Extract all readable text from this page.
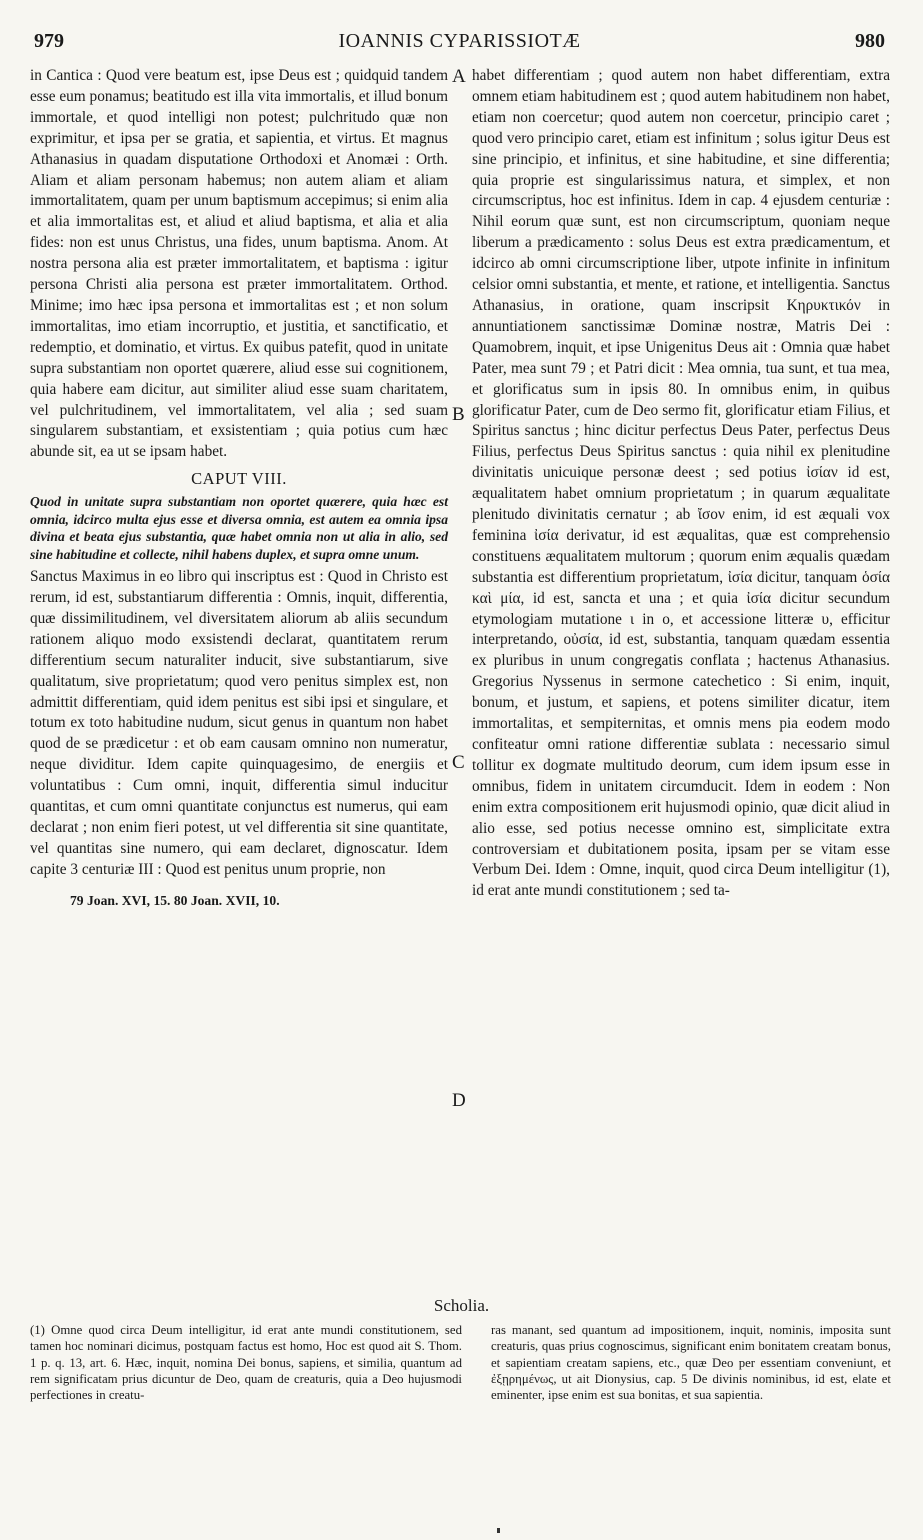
979	IOANNIS CYPARISSIOTÆ	980

in Cantica : Quod vere beatum est, ipse Deus est ; quidquid tandem esse eum ponamus; beatitudo est illa vita immortalis, et illud bonum immortale, et quod intelligi non potest; pulchritudo quæ non exprimitur, et ipsa per se gratia, et sapientia, et virtus. Et magnus Athanasius in quadam disputatione Orthodoxi et Anomæi : Orth. Aliam et aliam personam habemus; non autem aliam et aliam immortalitatem, quam per unum baptismum accepimus; si enim alia et alia immortalitas est, et aliud et aliud baptisma, et alia et alia fides: non est unus Christus, una fides, unum baptisma. Anom. At nostra persona alia est præter immortalitatem, et baptisma : igitur persona Christi alia persona est præter immortalitatem. Orthod. Minime; imo hæc ipsa persona et immortalitas est ; et non solum immortalitas, imo etiam incorruptio, et justitia, et sanctificatio, et redemptio, et dominatio, et virtus. Ex quibus patefit, quod in unitate supra substantiam non oportet quærere, aliud esse sui cognitionem, quia habere eam dicitur, aut similiter aliud esse suam charitatem, vel pulchritudinem, vel immortalitatem, vel alia ; sed suam singularem substantiam, et exsistentiam ; quia potius cum hæc abunde sit, ea ut se ipsam habet.

CAPUT VIII.
Quod in unitate supra substantiam non oportet quærere, quia hæc est omnia, idcirco multa ejus esse et diversa omnia, est autem ea omnia ipsa divina et beata ejus substantia, quæ habet omnia non ut alia in alio, sed sine habitudine et collecte, nihil habens duplex, et supra omne unum.

Sanctus Maximus in eo libro qui inscriptus est : Quod in Christo est rerum, id est, substantiarum differentia : Omnis, inquit, differentia, quæ dissimilitudinem, vel diversitatem aliorum ab aliis secundum rationem aliquo modo exsistendi declarat, quantitatem rerum differentium secum naturaliter inducit, sive substantiarum, sive qualitatum, sive proprietatum; quod vero penitus simplex est, non admittit differentiam, quid idem penitus est sibi ipsi et singulare, et totum ex toto habitudine nudum, sicut genus in quantum non habet quod de se prædicetur : et ob eam causam omnino non numeratur, neque dividitur. Idem capite quinquagesimo, de energiis et voluntatibus : Cum omni, inquit, differentia simul inducitur quantitas, et cum omni quantitate conjunctus est numerus, qui eam declarat ; non enim fieri potest, ut vel differentia sit sine quantitate, vel quantitas sine numero, qui eam declaret, dignoscatur. Idem capite 3 centuriæ III : Quod est penitus unum proprie, non

79 Joan. XVI, 15. 80 Joan. XVII, 10.
A
B
C
D

habet differentiam ; quod autem non habet differentiam, extra omnem etiam habitudinem est ; quod autem habitudinem non habet, etiam non coercetur; quod autem non coercetur, principio caret ; quod vero principio caret, etiam est infinitum ; solus igitur Deus est sine principio, et infinitus, et sine habitudine, et sine differentia; quia proprie est singularissimus natura, et simplex, et non circumscriptus, hoc est infinitus. Idem in cap. 4 ejusdem centuriæ : Nihil eorum quæ sunt, est non circumscriptum, quoniam neque liberum a prædicamento : solus Deus est extra prædicamentum, et idcirco ab omni circumscriptione liber, utpote infinite in infinitum celsior omni substantia, et mente, et ratione, et intelligentia. Sanctus Athanasius, in oratione, quam inscripsit Κηρυκτικόν in annuntiationem sanctissimæ Dominæ nostræ, Matris Dei : Quamobrem, inquit, et ipse Unigenitus Deus ait : Omnia quæ habet Pater, mea sunt 79 ; et Patri dicit : Mea omnia, tua sunt, et tua mea, et glorificatus sum in ipsis 80. In omnibus enim, in quibus glorificatur Pater, cum de Deo sermo fit, glorificatur etiam Filius, et Spiritus sanctus ; hinc dicitur perfectus Deus Pater, perfectus Deus Filius, perfectus Deus Spiritus sanctus : quia nihil ex plenitudine divinitatis unicuique personæ deest ; sed potius ἰσίαν id est, æqualitatem habet omnium proprietatum ; in quarum æqualitate plenitudo divinitatis cernatur ; ab ἴσον enim, id est æquali vox feminina ἰσία derivatur, id est æqualitas, quæ est comprehensio constituens æqualitatem multorum ; quorum enim æqualis quædam substantia est differentium proprietatum, ἰσία dicitur, tanquam ὁσία καὶ μία, id est, sancta et una ; et quia ἰσία dicitur secundum etymologiam mutatione ι in ο, et accessione litteræ υ, efficitur interpretando, οὐσία, id est, substantia, tanquam quædam essentia ex pluribus in unum congregatis conflata ; hactenus Athanasius. Gregorius Nyssenus in sermone catechetico : Si enim, inquit, bonum, et justum, et sapiens, et potens similiter dicatur, item immortalitas, et sempiternitas, et omnis mens pia eodem modo confiteatur omni ratione differentiæ sublata : necessario simul tollitur ex dogmate multitudo deorum, cum idem ipsum esse in omnibus, fidem in unitatem circumducit. Idem in eodem : Non enim extra compositionem erit hujusmodi opinio, quæ dicit aliud in alio esse, sed potius necesse omnino est, simplicitate extra controversiam et dubitationem posita, ipsam per se vitam esse Verbum Dei. Idem : Omne, inquit, quod circa Deum intelligitur (1), id erat ante mundi constitutionem ; sed ta-

Scholia.

(1) Omne quod circa Deum intelligitur, id erat ante mundi constitutionem, sed tamen hoc nominari dicimus, postquam factus est homo, Hoc est quod ait S. Thom. 1 p. q. 13, art. 6. Hæc, inquit, nomina Dei bonus, sapiens, et similia, quantum ad rem significatam prius dicuntur de Deo, quam de creaturis, quia a Deo hujusmodi perfectiones in creatu-

ras manant, sed quantum ad impositionem, inquit, nominis, imposita sunt creaturis, quas prius cognoscimus, significant enim bonitatem creatam bonus, et sapientiam creatam sapiens, etc., quæ Deo per essentiam conveniunt, et ἐξῃρημένως, ut ait Dionysius, cap. 5 De divinis nominibus, id est, elate et eminenter, ipse enim est sua bonitas, et sua sapientia.
